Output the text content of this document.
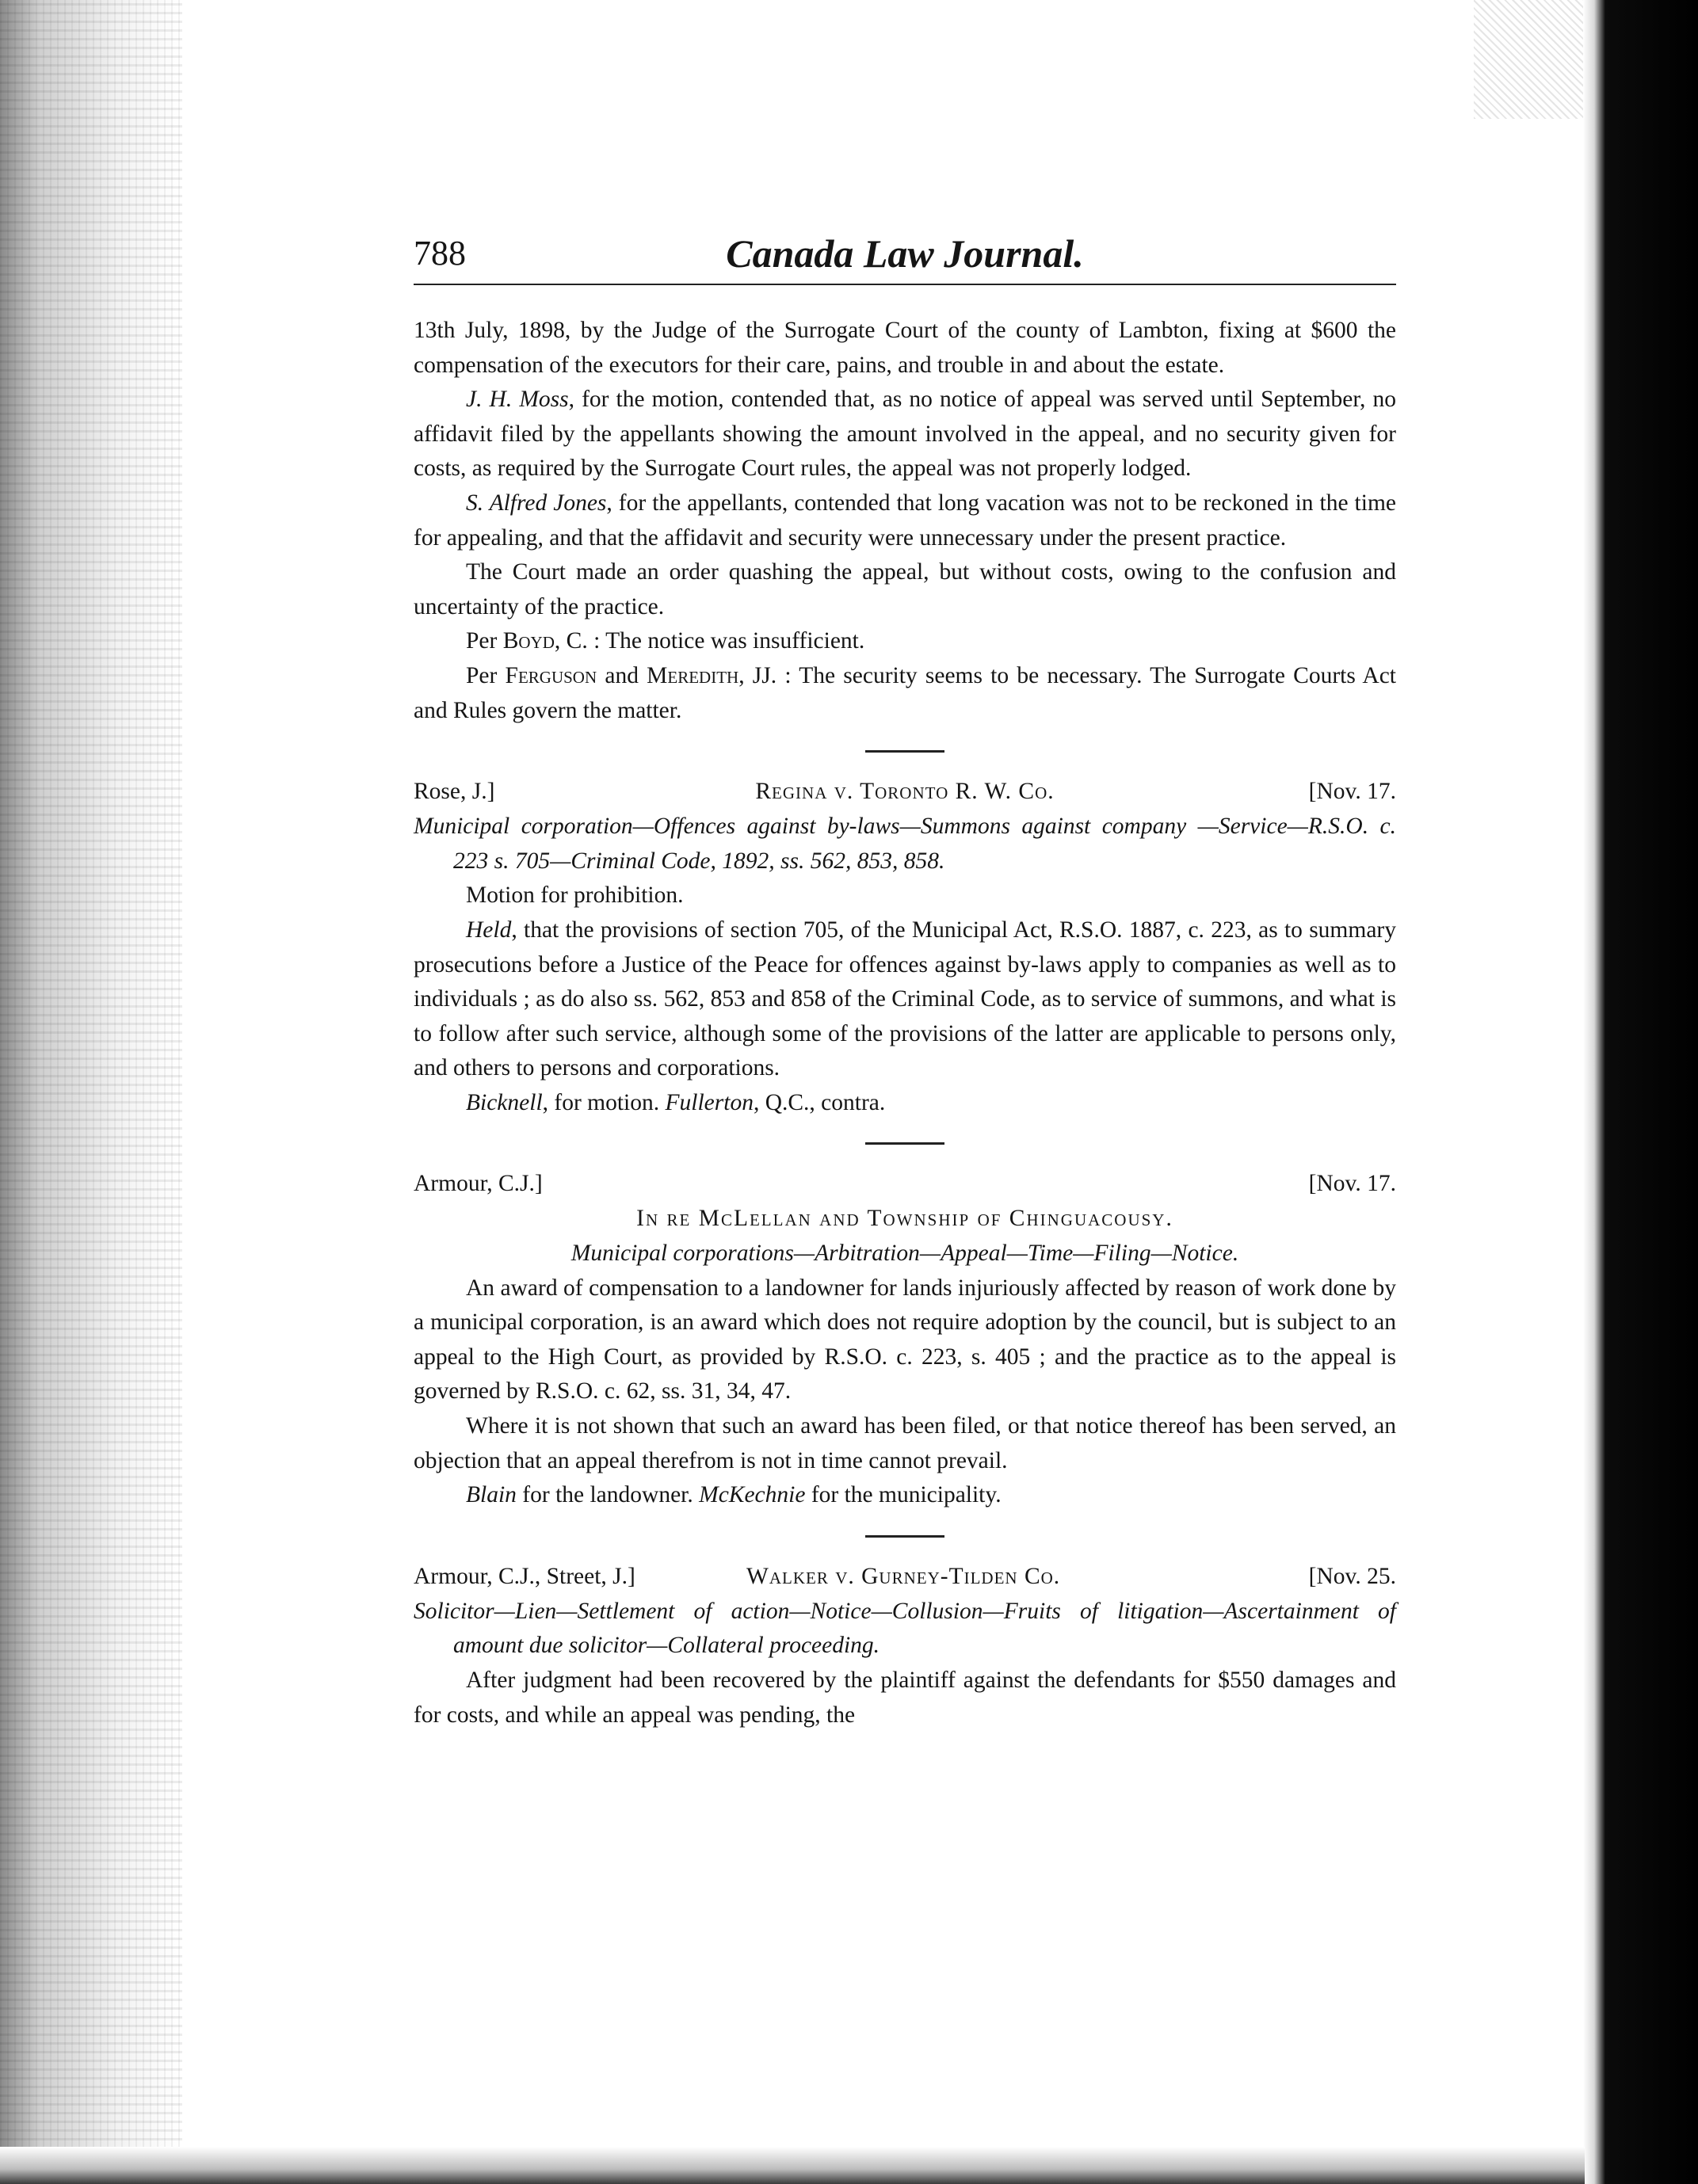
788	Canada Law Journal.

13th July, 1898, by the Judge of the Surrogate Court of the county of Lambton, fixing at $600 the compensation of the executors for their care, pains, and trouble in and about the estate.

J. H. Moss, for the motion, contended that, as no notice of appeal was served until September, no affidavit filed by the appellants showing the amount involved in the appeal, and no security given for costs, as required by the Surrogate Court rules, the appeal was not properly lodged.

S. Alfred Jones, for the appellants, contended that long vacation was not to be reckoned in the time for appealing, and that the affidavit and security were unnecessary under the present practice.

The Court made an order quashing the appeal, but without costs, owing to the confusion and uncertainty of the practice.

Per Boyd, C. : The notice was insufficient.

Per Ferguson and Meredith, JJ. : The security seems to be necessary. The Surrogate Courts Act and Rules govern the matter.

Rose, J.]	Regina v. Toronto R. W. Co.	[Nov. 17.

Municipal corporation—Offences against by-laws—Summons against company —Service—R.S.O. c. 223 s. 705—Criminal Code, 1892, ss. 562, 853, 858.

Motion for prohibition.

Held, that the provisions of section 705, of the Municipal Act, R.S.O. 1887, c. 223, as to summary prosecutions before a Justice of the Peace for offences against by-laws apply to companies as well as to individuals ; as do also ss. 562, 853 and 858 of the Criminal Code, as to service of summons, and what is to follow after such service, although some of the provisions of the latter are applicable to persons only, and others to persons and corporations.

Bicknell, for motion. Fullerton, Q.C., contra.

Armour, C.J.]	[Nov. 17.

In re McLellan and Township of Chinguacousy.

Municipal corporations—Arbitration—Appeal—Time—Filing—Notice.

An award of compensation to a landowner for lands injuriously affected by reason of work done by a municipal corporation, is an award which does not require adoption by the council, but is subject to an appeal to the High Court, as provided by R.S.O. c. 223, s. 405 ; and the practice as to the appeal is governed by R.S.O. c. 62, ss. 31, 34, 47.

Where it is not shown that such an award has been filed, or that notice thereof has been served, an objection that an appeal therefrom is not in time cannot prevail.

Blain for the landowner. McKechnie for the municipality.

Armour, C.J., Street, J.]	Walker v. Gurney-Tilden Co.	[Nov. 25.

Solicitor—Lien—Settlement of action—Notice—Collusion—Fruits of litigation—Ascertainment of amount due solicitor—Collateral proceeding.

After judgment had been recovered by the plaintiff against the defendants for $550 damages and for costs, and while an appeal was pending, the
